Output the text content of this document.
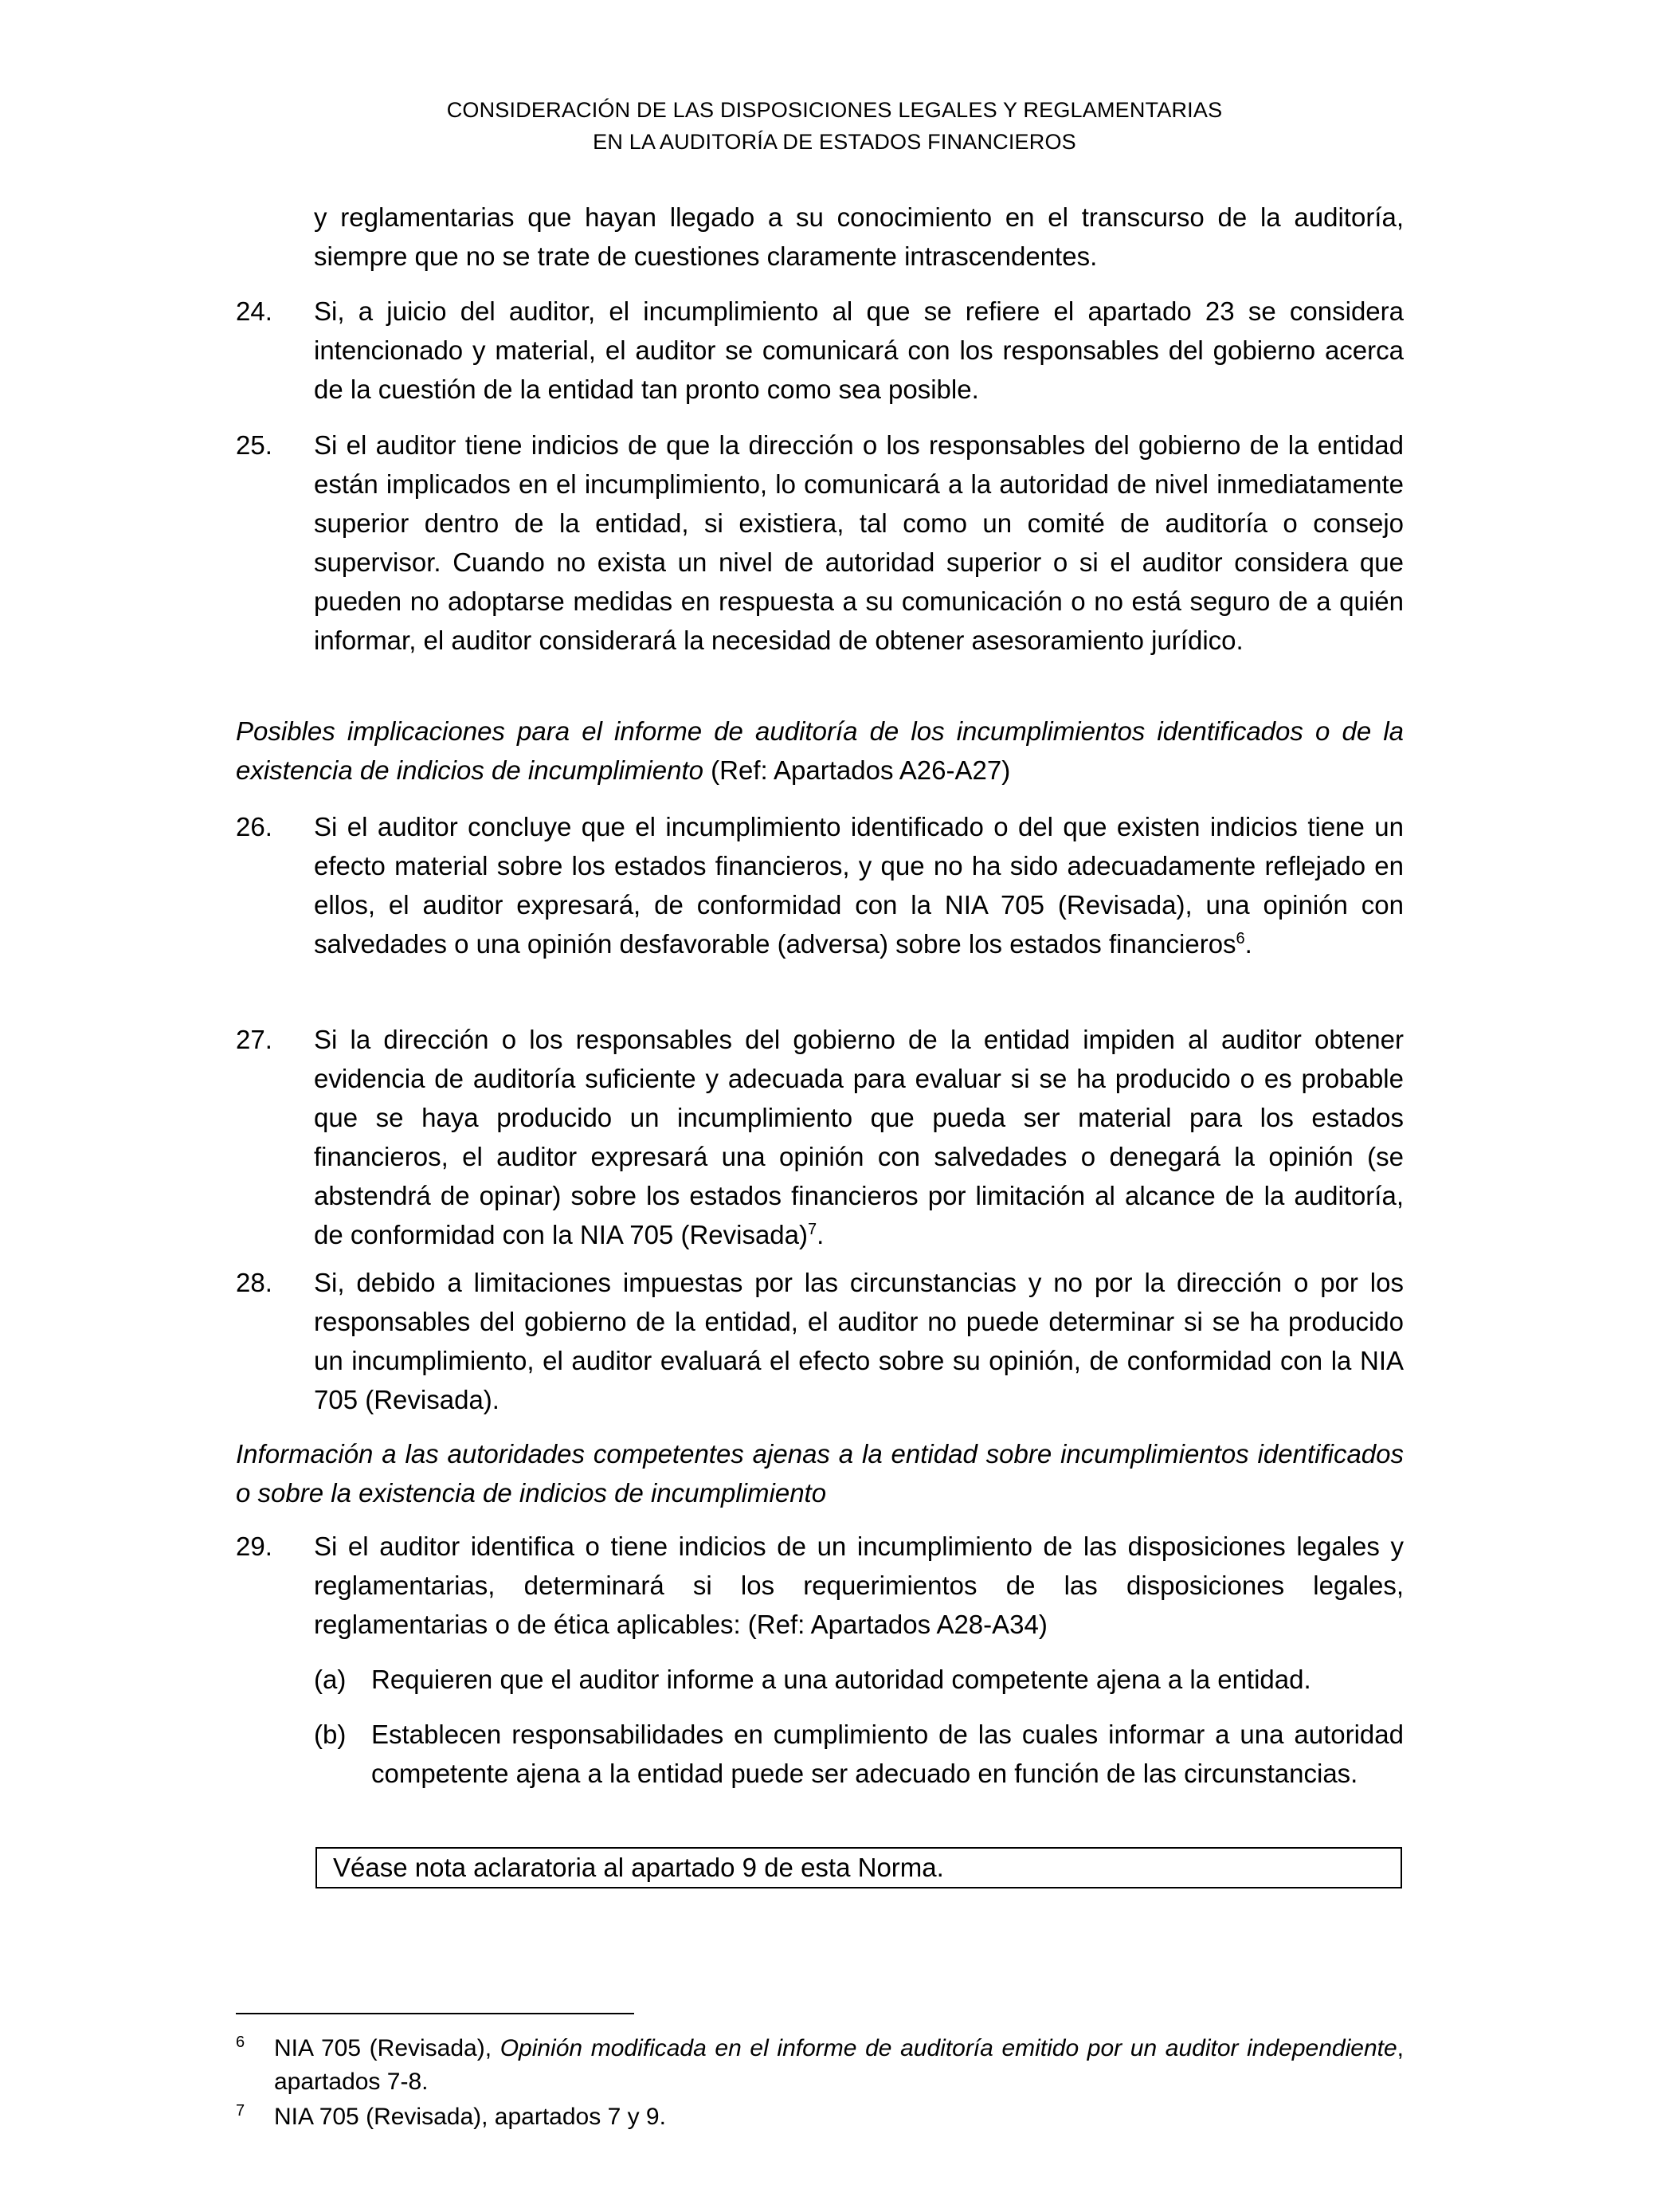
CONSIDERACIÓN DE LAS DISPOSICIONES LEGALES Y REGLAMENTARIAS
EN LA AUDITORÍA DE ESTADOS FINANCIEROS
y reglamentarias que hayan llegado a su conocimiento en el transcurso de la auditoría, siempre que no se trate de cuestiones claramente intrascendentes.
24. Si, a juicio del auditor, el incumplimiento al que se refiere el apartado 23 se considera intencionado y material, el auditor se comunicará con los responsables del gobierno acerca de la cuestión de la entidad tan pronto como sea posible.
25. Si el auditor tiene indicios de que la dirección o los responsables del gobierno de la entidad están implicados en el incumplimiento, lo comunicará a la autoridad de nivel inmediatamente superior dentro de la entidad, si existiera, tal como un comité de auditoría o consejo supervisor. Cuando no exista un nivel de autoridad superior o si el auditor considera que pueden no adoptarse medidas en respuesta a su comunicación o no está seguro de a quién informar, el auditor considerará la necesidad de obtener asesoramiento jurídico.
Posibles implicaciones para el informe de auditoría de los incumplimientos identificados o de la existencia de indicios de incumplimiento (Ref: Apartados A26-A27)
26. Si el auditor concluye que el incumplimiento identificado o del que existen indicios tiene un efecto material sobre los estados financieros, y que no ha sido adecuadamente reflejado en ellos, el auditor expresará, de conformidad con la NIA 705 (Revisada), una opinión con salvedades o una opinión desfavorable (adversa) sobre los estados financieros$^6$.
27. Si la dirección o los responsables del gobierno de la entidad impiden al auditor obtener evidencia de auditoría suficiente y adecuada para evaluar si se ha producido o es probable que se haya producido un incumplimiento que pueda ser material para los estados financieros, el auditor expresará una opinión con salvedades o denegará la opinión (se abstendrá de opinar) sobre los estados financieros por limitación al alcance de la auditoría, de conformidad con la NIA 705 (Revisada)$^7$.
28. Si, debido a limitaciones impuestas por las circunstancias y no por la dirección o por los responsables del gobierno de la entidad, el auditor no puede determinar si se ha producido un incumplimiento, el auditor evaluará el efecto sobre su opinión, de conformidad con la NIA 705 (Revisada).
Información a las autoridades competentes ajenas a la entidad sobre incumplimientos identificados o sobre la existencia de indicios de incumplimiento
29. Si el auditor identifica o tiene indicios de un incumplimiento de las disposiciones legales y reglamentarias, determinará si los requerimientos de las disposiciones legales, reglamentarias o de ética aplicables: (Ref: Apartados A28-A34)
(a) Requieren que el auditor informe a una autoridad competente ajena a la entidad.
(b) Establecen responsabilidades en cumplimiento de las cuales informar a una autoridad competente ajena a la entidad puede ser adecuado en función de las circunstancias.
Véase nota aclaratoria al apartado 9 de esta Norma.
6 NIA 705 (Revisada), Opinión modificada en el informe de auditoría emitido por un auditor independiente, apartados 7-8.
7 NIA 705 (Revisada), apartados 7 y 9.
